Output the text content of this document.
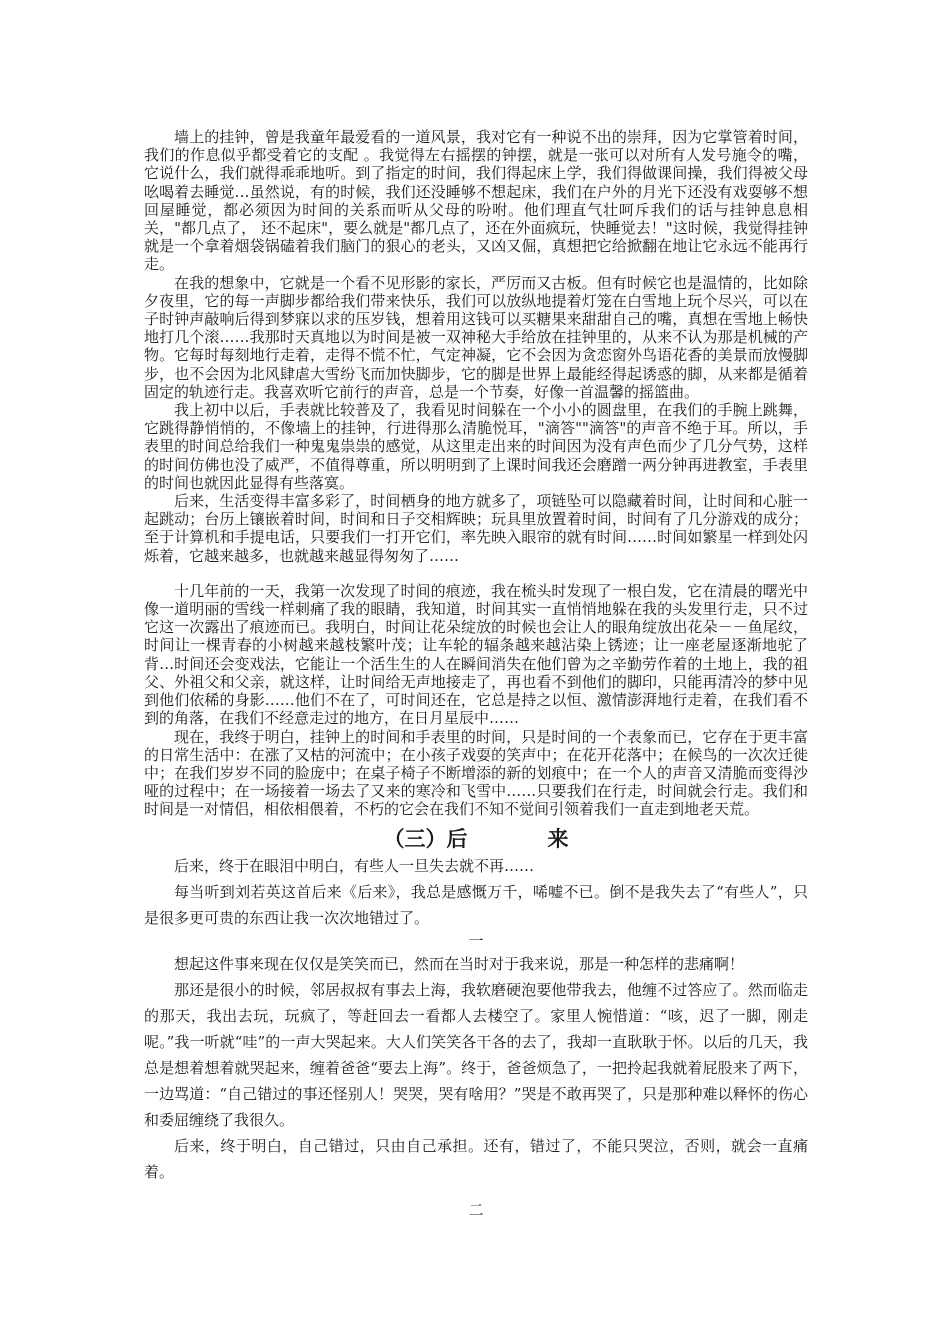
墙上的挂钟，曾是我童年最爱看的一道风景，我对它有一种说不出的崇拜，因为它掌管着时间， 我们的作息似乎都受着它的支配 。我觉得左右摇摆的钟摆，就是一张可以对所有人发号施令的嘴，它说什么，我们就得乖乖地听。到了指定的时间，我们得起床上学，我们得做课间操，我们得被父母吆喝着去睡觉…虽然说，有的时候，我们还没睡够不想起床，我们在户外的月光下还没有戏耍够不想回屋睡觉，都必须因为时间的关系而听从父母的吩咐。他们理直气壮呵斥我们的话与挂钟息息相关，"都几点了， 还不起床"，要么就是"都几点了，还在外面疯玩，快睡觉去！"这时候，我觉得挂钟就是一个拿着烟袋锅磕着我们脑门的狠心的老头，又凶又倔，真想把它给掀翻在地让它永远不能再行走。

在我的想象中，它就是一个看不见形影的家长，严厉而又古板。但有时候它也是温情的，比如除夕夜里，它的每一声脚步都给我们带来快乐，我们可以放纵地提着灯笼在白雪地上玩个尽兴，可以在子时钟声敲响后得到梦寐以求的压岁钱，想着用这钱可以买糖果来甜甜自己的嘴，真想在雪地上畅快地打几个滚……我那时天真地以为时间是被一双神秘大手给放在挂钟里的，从来不认为那是机械的产物。它每时每刻地行走着，走得不慌不忙，气定神凝，它不会因为贪恋窗外鸟语花香的美景而放慢脚步，也不会因为北风肆虐大雪纷飞而加快脚步，它的脚是世界上最能经得起诱惑的脚，从来都是循着固定的轨迹行走。我喜欢听它前行的声音，总是一个节奏，好像一首温馨的摇篮曲。

我上初中以后，手表就比较普及了，我看见时间躲在一个小小的圆盘里，在我们的手腕上跳舞，它跳得静悄悄的，不像墙上的挂钟，行进得那么清脆悦耳，"滴答""滴答"的声音不绝于耳。所以，手表里的时间总给我们一种鬼鬼祟祟的感觉，从这里走出来的时间因为没有声色而少了几分气势，这样的时间仿佛也没了威严，不值得尊重，所以明明到了上课时间我还会磨蹭一两分钟再进教室，手表里的时间也就因此显得有些落寞。

后来，生活变得丰富多彩了，时间栖身的地方就多了，项链坠可以隐藏着时间，让时间和心脏一起跳动；台历上镶嵌着时间，时间和日子交相辉映；玩具里放置着时间，时间有了几分游戏的成分；至于计算机和手提电话，只要我们一打开它们，率先映入眼帘的就有时间……时间如繁星一样到处闪烁着，它越来越多，也就越来越显得匆匆了……

十几年前的一天，我第一次发现了时间的痕迹，我在梳头时发现了一根白发，它在清晨的曙光中像一道明丽的雪线一样刺痛了我的眼睛，我知道，时间其实一直悄悄地躲在我的头发里行走，只不过它这一次露出了痕迹而已。我明白，时间让花朵绽放的时候也会让人的眼角绽放出花朵－－鱼尾纹，时间让一棵青春的小树越来越枝繁叶茂；让车轮的辐条越来越沾染上锈迹；让一座老屋逐渐地驼了背…时间还会变戏法，它能让一个活生生的人在瞬间消失在他们曾为之辛勤劳作着的土地上，我的祖父、外祖父和父亲，就这样，让时间给无声地接走了，再也看不到他们的脚印，只能再清冷的梦中见到他们依稀的身影……他们不在了，可时间还在，它总是持之以恒、激情澎湃地行走着，在我们看不到的角落，在我们不经意走过的地方，在日月星辰中……

现在，我终于明白，挂钟上的时间和手表里的时间，只是时间的一个表象而已，它存在于更丰富的日常生活中：在涨了又枯的河流中；在小孩子戏耍的笑声中；在花开花落中；在候鸟的一次次迁徙中；在我们岁岁不同的脸庞中；在桌子椅子不断增添的新的划痕中；在一个人的声音又清脆而变得沙哑的过程中；在一场接着一场去了又来的寒冷和飞雪中……只要我们在行走，时间就会行走。我们和时间是一对情侣，相依相偎着，不朽的它会在我们不知不觉间引领着我们一直走到地老天荒。

（三）后	来

后来，终于在眼泪中明白，有些人一旦失去就不再……

每当听到刘若英这首后来《后来》，我总是感慨万千，唏嘘不已。倒不是我失去了“有些人”，只是很多更可贵的东西让我一次次地错过了。

一

想起这件事来现在仅仅是笑笑而已，然而在当时对于我来说，那是一种怎样的悲痛啊！

那还是很小的时候，邻居叔叔有事去上海，我软磨硬泡要他带我去，他缠不过答应了。然而临走的那天，我出去玩，玩疯了，等赶回去一看都人去楼空了。家里人惋惜道：“咳，迟了一脚，刚走呢。”我一听就“哇”的一声大哭起来。大人们笑笑各干各的去了，我却一直耿耿于怀。以后的几天，我总是想着想着就哭起来，缠着爸爸“要去上海”。终于，爸爸烦急了，一把拎起我就着屁股来了两下，一边骂道：“自己错过的事还怪别人！哭哭，哭有啥用？”哭是不敢再哭了，只是那种难以释怀的伤心和委屈缠绕了我很久。

后来，终于明白，自己错过，只由自己承担。还有，错过了，不能只哭泣，否则，就会一直痛着。

二
